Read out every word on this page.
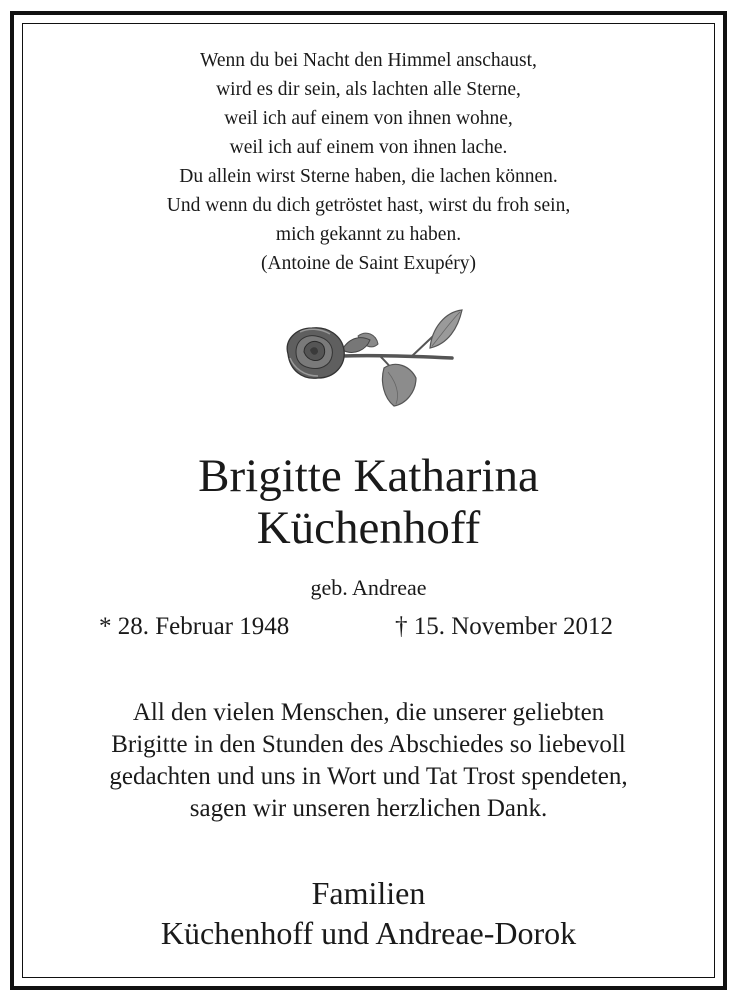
Wenn du bei Nacht den Himmel anschaust,
wird es dir sein, als lachten alle Sterne,
weil ich auf einem von ihnen wohne,
weil ich auf einem von ihnen lache.
Du allein wirst Sterne haben, die lachen können.
Und wenn du dich getröstet hast, wirst du froh sein,
mich gekannt zu haben.
(Antoine de Saint Exupéry)
Brigitte Katharina
Küchenhoff
geb. Andreae
* 28. Februar 1948	† 15. November 2012
All den vielen Menschen, die unserer geliebten
Brigitte in den Stunden des Abschiedes so liebevoll
gedachten und uns in Wort und Tat Trost spendeten,
sagen wir unseren herzlichen Dank.
Familien
Küchenhoff und Andreae-Dorok
